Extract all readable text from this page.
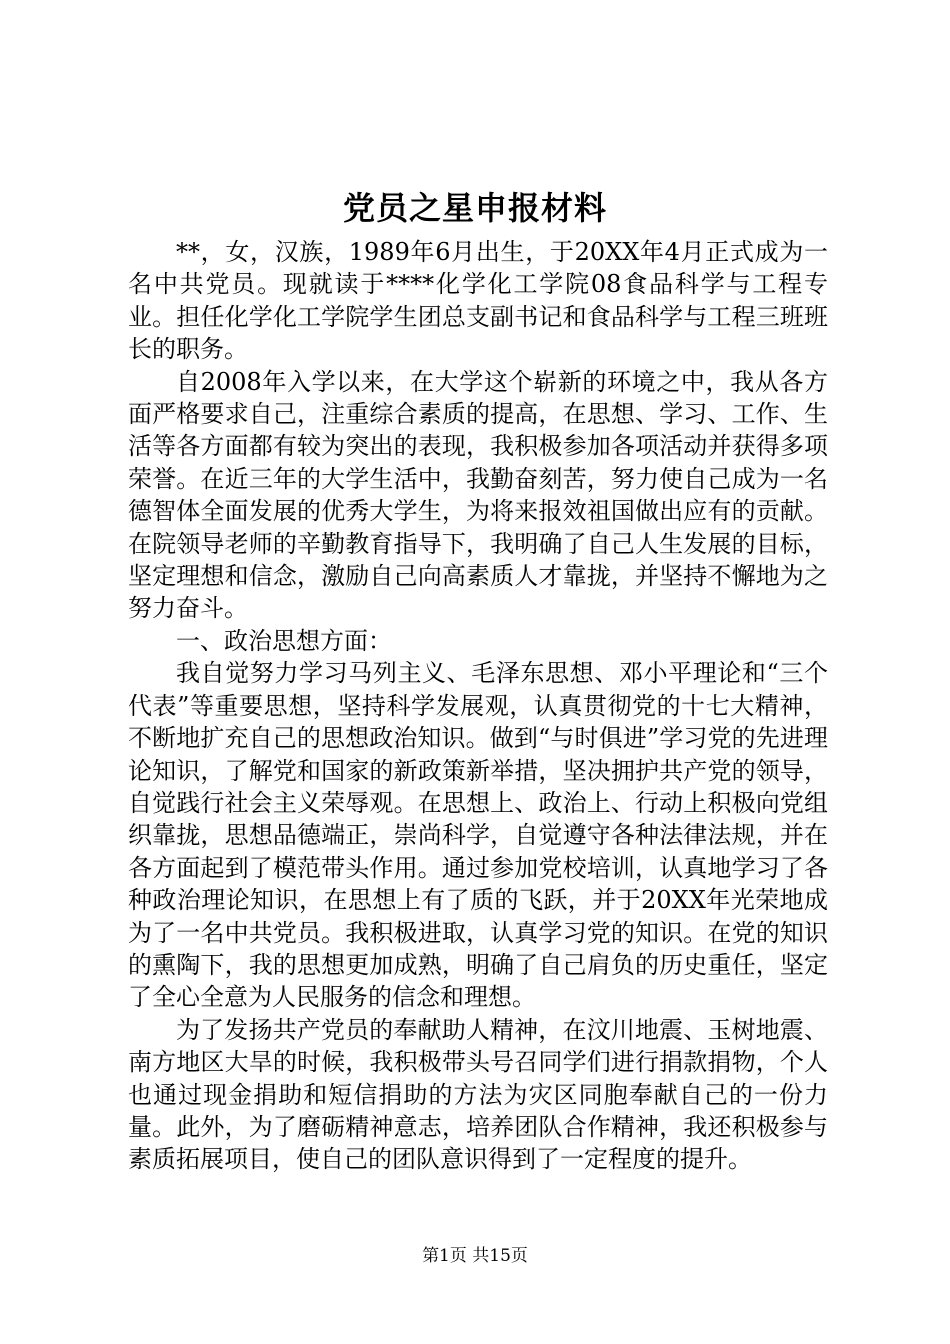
党员之星申报材料

**，女，汉族，1989年6月出生，于20XX年4月正式成为一名中共党员。现就读于****化学化工学院08食品科学与工程专业。担任化学化工学院学生团总支副书记和食品科学与工程三班班长的职务。

自2008年入学以来，在大学这个崭新的环境之中，我从各方面严格要求自己，注重综合素质的提高，在思想、学习、工作、生活等各方面都有较为突出的表现，我积极参加各项活动并获得多项荣誉。在近三年的大学生活中，我勤奋刻苦，努力使自己成为一名德智体全面发展的优秀大学生，为将来报效祖国做出应有的贡献。在院领导老师的辛勤教育指导下，我明确了自己人生发展的目标，坚定理想和信念，激励自己向高素质人才靠拢，并坚持不懈地为之努力奋斗。

一、政治思想方面：

我自觉努力学习马列主义、毛泽东思想、邓小平理论和“三个代表”等重要思想，坚持科学发展观，认真贯彻党的十七大精神，不断地扩充自己的思想政治知识。做到“与时俱进”学习党的先进理论知识，了解党和国家的新政策新举措，坚决拥护共产党的领导，自觉践行社会主义荣辱观。在思想上、政治上、行动上积极向党组织靠拢，思想品德端正，崇尚科学，自觉遵守各种法律法规，并在各方面起到了模范带头作用。通过参加党校培训，认真地学习了各种政治理论知识，在思想上有了质的飞跃，并于20XX年光荣地成为了一名中共党员。我积极进取，认真学习党的知识。在党的知识的熏陶下，我的思想更加成熟，明确了自己肩负的历史重任，坚定了全心全意为人民服务的信念和理想。

为了发扬共产党员的奉献助人精神，在汶川地震、玉树地震、南方地区大旱的时候，我积极带头号召同学们进行捐款捐物，个人也通过现金捐助和短信捐助的方法为灾区同胞奉献自己的一份力量。此外，为了磨砺精神意志，培养团队合作精神，我还积极参与素质拓展项目，使自己的团队意识得到了一定程度的提升。

第1页 共15页
